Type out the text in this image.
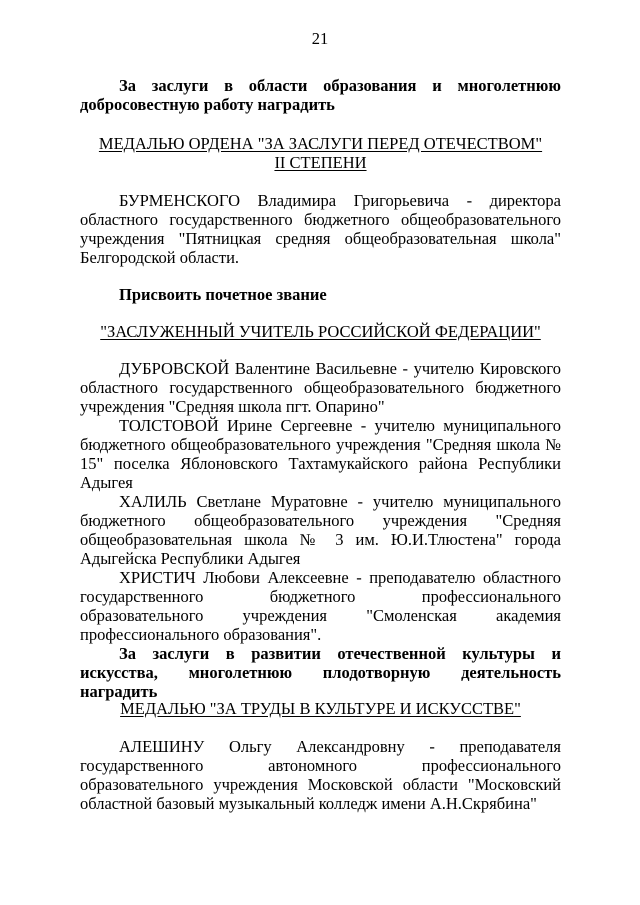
21
За заслуги в области образования и многолетнюю добросовестную работу наградить
МЕДАЛЬЮ ОРДЕНА "ЗА ЗАСЛУГИ ПЕРЕД ОТЕЧЕСТВОМ"
II СТЕПЕНИ

БУРМЕНСКОГО Владимира Григорьевича - директора областного государственного бюджетного общеобразовательного учреждения "Пятницкая средняя общеобразовательная школа" Белгородской области.

Присвоить почетное звание
"ЗАСЛУЖЕННЫЙ УЧИТЕЛЬ РОССИЙСКОЙ ФЕДЕРАЦИИ"

ДУБРОВСКОЙ Валентине Васильевне - учителю Кировского областного государственного общеобразовательного бюджетного учреждения "Средняя школа пгт. Опарино"

ТОЛСТОВОЙ Ирине Сергеевне - учителю муниципального бюджетного общеобразовательного учреждения "Средняя школа № 15" поселка Яблоновского Тахтамукайского района Республики Адыгея

ХАЛИЛЬ Светлане Муратовне - учителю муниципального бюджетного общеобразовательного учреждения "Средняя общеобразовательная школа № 3 им. Ю.И.Тлюстена" города Адыгейска Республики Адыгея

ХРИСТИЧ Любови Алексеевне - преподавателю областного государственного бюджетного профессионального образовательного учреждения "Смоленская академия профессионального образования".

За заслуги в развитии отечественной культуры и искусства, многолетнюю плодотворную деятельность наградить
МЕДАЛЬЮ "ЗА ТРУДЫ В КУЛЬТУРЕ И ИСКУССТВЕ"

АЛЕШИНУ Ольгу Александровну - преподавателя государственного автономного профессионального образовательного учреждения Московской области "Московский областной базовый музыкальный колледж имени А.Н.Скрябина"
